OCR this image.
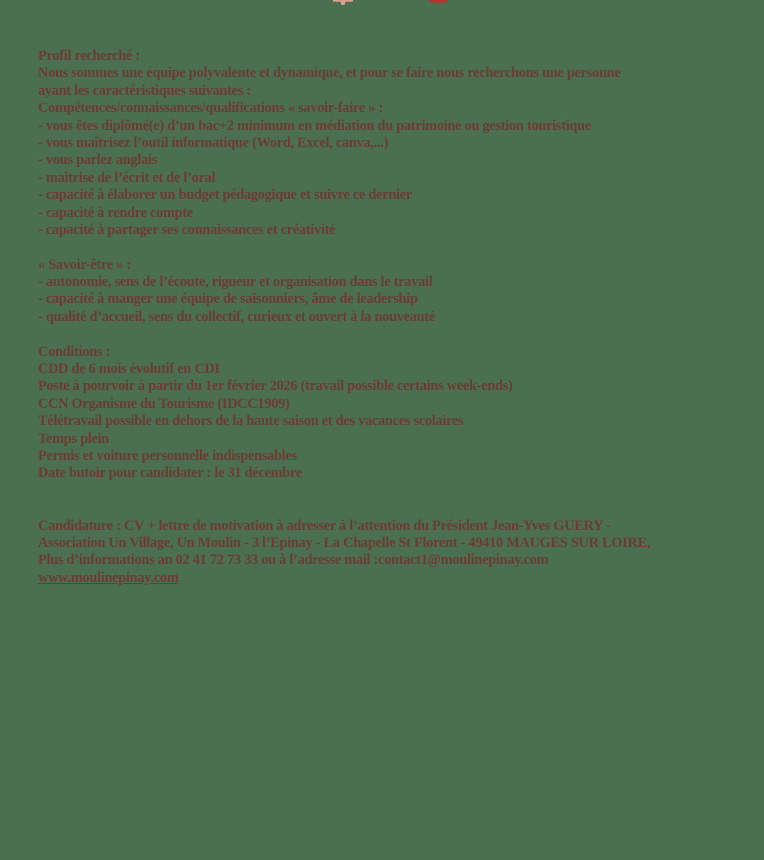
Profil recherché :
Nous sommes une équipe polyvalente et dynamique, et pour se faire nous recherchons une personne
ayant les caractéristiques suivantes :
Compétences/connaissances/qualifications « savoir-faire » :
- vous êtes diplômé(e) d’un bac+2 minimum en médiation du patrimoine ou gestion touristique
- vous maîtrisez l’outil informatique (Word, Excel, canva,...)
- vous parlez anglais
- maîtrise de l’écrit et de l’oral
- capacité à élaborer un budget pédagogique et suivre ce dernier
- capacité à rendre compte
- capacité à partager ses connaissances et créativité
« Savoir-être » :
- autonomie, sens de l’écoute, rigueur et organisation dans le travail
- capacité à manger une équipe de saisonniers, âme de leadership
- qualité d’accueil, sens du collectif, curieux et ouvert à la nouveauté
Conditions :
CDD de 6 mois évolutif en CDI
Poste à pourvoir à partir du 1er février 2026 (travail possible certains week-ends)
CCN Organisme du Tourisme (IDCC1909)
Télétravail possible en dehors de la haute saison et des vacances scolaires
Temps plein
Permis et voiture personnelle indispensables
Date butoir pour candidater : le 31 décembre
Candidature : CV + lettre de motivation à adresser à l’attention du Président Jean-Yves GUERY -
Association Un Village, Un Moulin - 3 l’Epinay - La Chapelle St Florent - 49410 MAUGES SUR LOIRE,
Plus d’informations an 02 41 72 73 33 ou à l’adresse mail :contact1@moulinepinay.com
www.moulinepinay.com
